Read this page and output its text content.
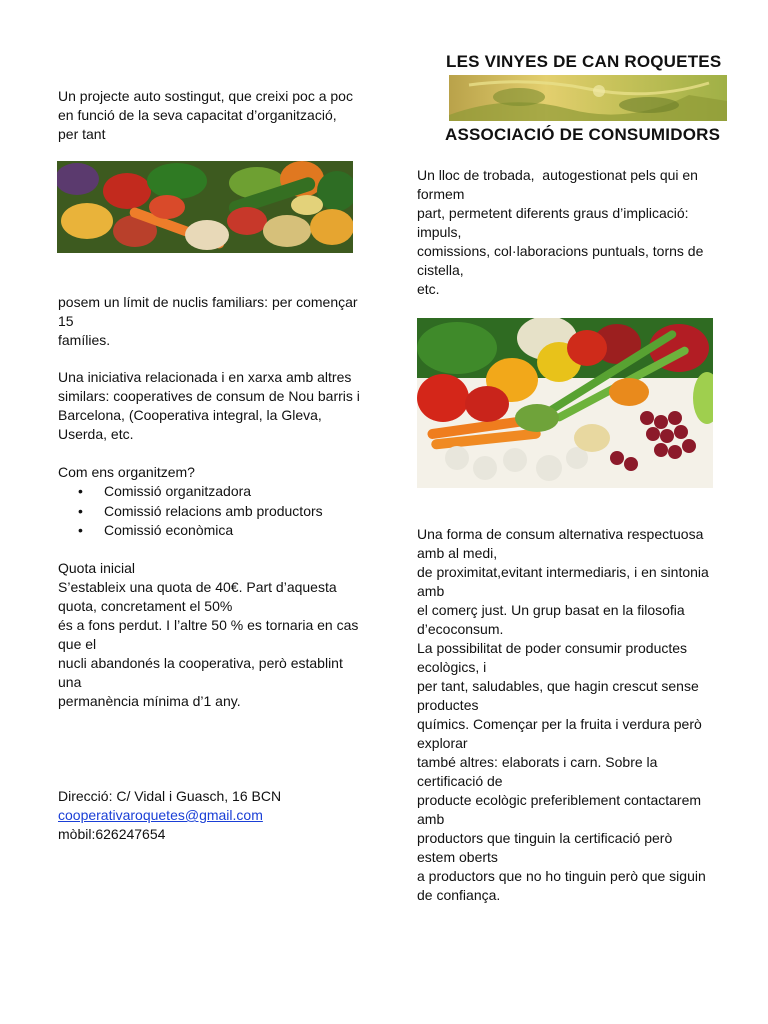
LES VINYES DE CAN ROQUETES
ASSOCIACIÓ DE CONSUMIDORS
Un projecte auto sostingut, que creixi poc a poc
en funció de la seva capacitat d’organització,
per tant
posem un límit de nuclis familiars: per començar
15
famílies.
Una iniciativa relacionada i en xarxa amb altres
similars: cooperatives de consum de Nou barris i
Barcelona, (Cooperativa integral, la Gleva,
Userda, etc.
Com ens organitzem?
• Comissió organitzadora
• Comissió relacions amb productors
• Comissió econòmica
Quota inicial
S’estableix una quota de 40€. Part d’aquesta
quota, concretament el 50%
és a fons perdut. I l’altre 50 % es tornaria en cas
que el
nucli abandonés la cooperativa, però establint
una
permanència mínima d’1 any.
Direcció: C/ Vidal i Guasch, 16 BCN
cooperativaroquetes@gmail.com
mòbil:626247654
Un lloc de trobada,  autogestionat pels qui en
formem
part, permetent diferents graus d’implicació:
impuls,
comissions, col·laboracions puntuals, torns de
cistella,
etc.
Una forma de consum alternativa respectuosa
amb al medi,
de proximitat,evitant intermediaris, i en sintonia
amb
el comerç just. Un grup basat en la filosofia
d’ecoconsum.
La possibilitat de poder consumir productes
ecològics, i
per tant, saludables, que hagin crescut sense
productes
químics. Començar per la fruita i verdura però
explorar
també altres: elaborats i carn. Sobre la
certificació de
producte ecològic preferiblement contactarem
amb
productors que tinguin la certificació però
estem oberts
a productors que no ho tinguin però que siguin
de confiança.
